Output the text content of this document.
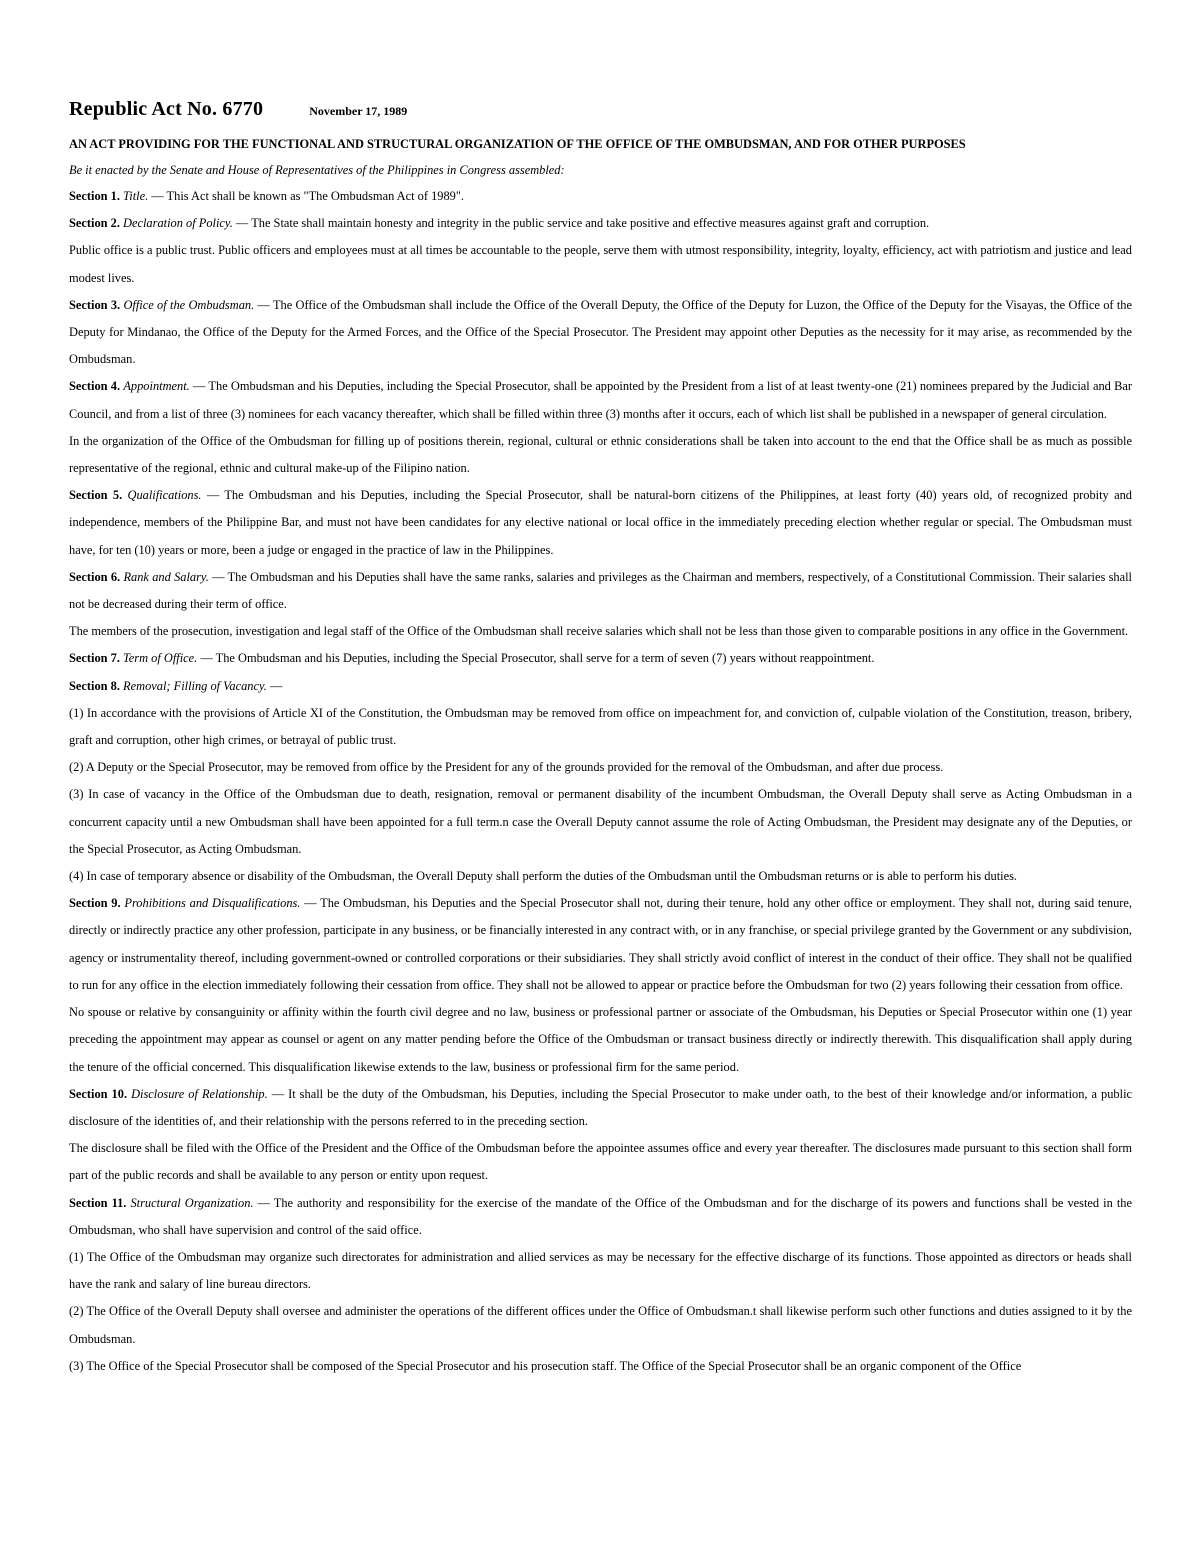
Republic Act No. 6770	November 17, 1989
AN ACT PROVIDING FOR THE FUNCTIONAL AND STRUCTURAL ORGANIZATION OF THE OFFICE OF THE OMBUDSMAN, AND FOR OTHER PURPOSES
Be it enacted by the Senate and House of Representatives of the Philippines in Congress assembled:

Section 1. Title. — This Act shall be known as "The Ombudsman Act of 1989".

Section 2. Declaration of Policy. — The State shall maintain honesty and integrity in the public service and take positive and effective measures against graft and corruption.

Public office is a public trust. Public officers and employees must at all times be accountable to the people, serve them with utmost responsibility, integrity, loyalty, efficiency, act with patriotism and justice and lead modest lives.

Section 3. Office of the Ombudsman. — The Office of the Ombudsman shall include the Office of the Overall Deputy, the Office of the Deputy for Luzon, the Office of the Deputy for the Visayas, the Office of the Deputy for Mindanao, the Office of the Deputy for the Armed Forces, and the Office of the Special Prosecutor. The President may appoint other Deputies as the necessity for it may arise, as recommended by the Ombudsman.

Section 4. Appointment. — The Ombudsman and his Deputies, including the Special Prosecutor, shall be appointed by the President from a list of at least twenty-one (21) nominees prepared by the Judicial and Bar Council, and from a list of three (3) nominees for each vacancy thereafter, which shall be filled within three (3) months after it occurs, each of which list shall be published in a newspaper of general circulation.

In the organization of the Office of the Ombudsman for filling up of positions therein, regional, cultural or ethnic considerations shall be taken into account to the end that the Office shall be as much as possible representative of the regional, ethnic and cultural make-up of the Filipino nation.

Section 5. Qualifications. — The Ombudsman and his Deputies, including the Special Prosecutor, shall be natural-born citizens of the Philippines, at least forty (40) years old, of recognized probity and independence, members of the Philippine Bar, and must not have been candidates for any elective national or local office in the immediately preceding election whether regular or special. The Ombudsman must have, for ten (10) years or more, been a judge or engaged in the practice of law in the Philippines.

Section 6. Rank and Salary. — The Ombudsman and his Deputies shall have the same ranks, salaries and privileges as the Chairman and members, respectively, of a Constitutional Commission. Their salaries shall not be decreased during their term of office.

The members of the prosecution, investigation and legal staff of the Office of the Ombudsman shall receive salaries which shall not be less than those given to comparable positions in any office in the Government.

Section 7. Term of Office. — The Ombudsman and his Deputies, including the Special Prosecutor, shall serve for a term of seven (7) years without reappointment.

Section 8. Removal; Filling of Vacancy. —

(1) In accordance with the provisions of Article XI of the Constitution, the Ombudsman may be removed from office on impeachment for, and conviction of, culpable violation of the Constitution, treason, bribery, graft and corruption, other high crimes, or betrayal of public trust.

(2) A Deputy or the Special Prosecutor, may be removed from office by the President for any of the grounds provided for the removal of the Ombudsman, and after due process.

(3) In case of vacancy in the Office of the Ombudsman due to death, resignation, removal or permanent disability of the incumbent Ombudsman, the Overall Deputy shall serve as Acting Ombudsman in a concurrent capacity until a new Ombudsman shall have been appointed for a full term.n case the Overall Deputy cannot assume the role of Acting Ombudsman, the President may designate any of the Deputies, or the Special Prosecutor, as Acting Ombudsman.

(4) In case of temporary absence or disability of the Ombudsman, the Overall Deputy shall perform the duties of the Ombudsman until the Ombudsman returns or is able to perform his duties.

Section 9. Prohibitions and Disqualifications. — The Ombudsman, his Deputies and the Special Prosecutor shall not, during their tenure, hold any other office or employment. They shall not, during said tenure, directly or indirectly practice any other profession, participate in any business, or be financially interested in any contract with, or in any franchise, or special privilege granted by the Government or any subdivision, agency or instrumentality thereof, including government-owned or controlled corporations or their subsidiaries. They shall strictly avoid conflict of interest in the conduct of their office. They shall not be qualified to run for any office in the election immediately following their cessation from office. They shall not be allowed to appear or practice before the Ombudsman for two (2) years following their cessation from office.

No spouse or relative by consanguinity or affinity within the fourth civil degree and no law, business or professional partner or associate of the Ombudsman, his Deputies or Special Prosecutor within one (1) year preceding the appointment may appear as counsel or agent on any matter pending before the Office of the Ombudsman or transact business directly or indirectly therewith. This disqualification shall apply during the tenure of the official concerned. This disqualification likewise extends to the law, business or professional firm for the same period.

Section 10. Disclosure of Relationship. — It shall be the duty of the Ombudsman, his Deputies, including the Special Prosecutor to make under oath, to the best of their knowledge and/or information, a public disclosure of the identities of, and their relationship with the persons referred to in the preceding section.

The disclosure shall be filed with the Office of the President and the Office of the Ombudsman before the appointee assumes office and every year thereafter. The disclosures made pursuant to this section shall form part of the public records and shall be available to any person or entity upon request.

Section 11. Structural Organization. — The authority and responsibility for the exercise of the mandate of the Office of the Ombudsman and for the discharge of its powers and functions shall be vested in the Ombudsman, who shall have supervision and control of the said office.

(1) The Office of the Ombudsman may organize such directorates for administration and allied services as may be necessary for the effective discharge of its functions. Those appointed as directors or heads shall have the rank and salary of line bureau directors.

(2) The Office of the Overall Deputy shall oversee and administer the operations of the different offices under the Office of Ombudsman.t shall likewise perform such other functions and duties assigned to it by the Ombudsman.

(3) The Office of the Special Prosecutor shall be composed of the Special Prosecutor and his prosecution staff. The Office of the Special Prosecutor shall be an organic component of the Office
